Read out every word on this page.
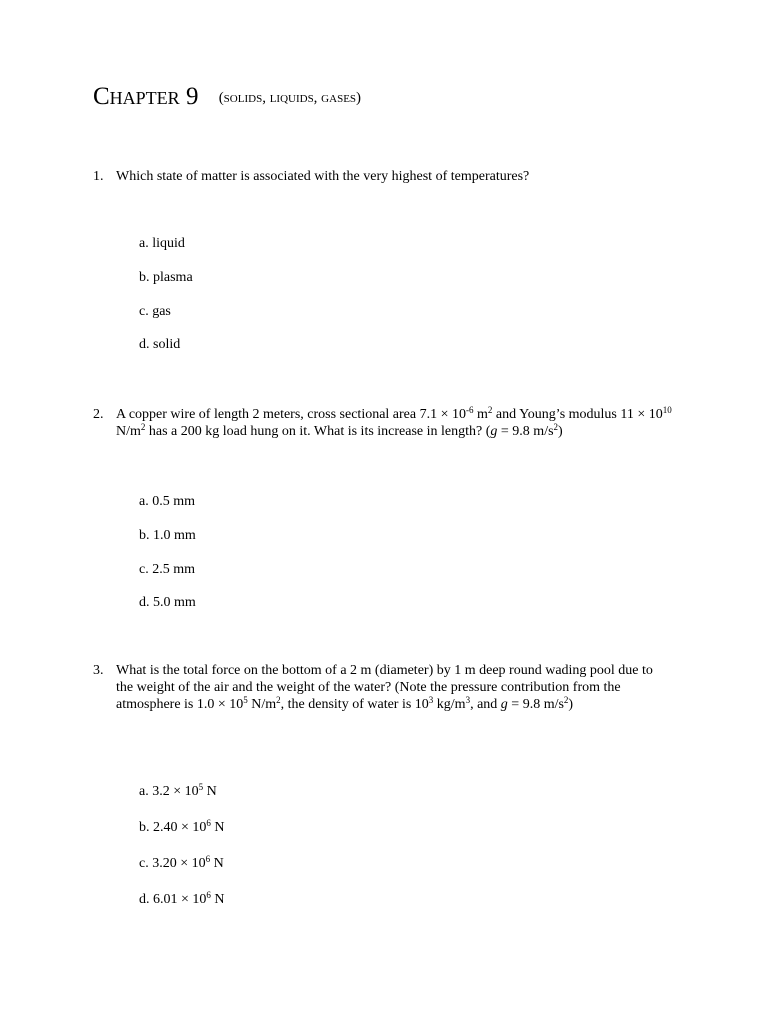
Chapter 9 (solids, liquids, gases)
1. Which state of matter is associated with the very highest of temperatures?
a. liquid
b. plasma
c. gas
d. solid
2. A copper wire of length 2 meters, cross sectional area $7.1 \times 10^{-6}$ $m^2$ and Young’s modulus $11 \times 10^{10}$ $N/m^2$ has a 200 kg load hung on it. What is its increase in length? (g = 9.8 $m/s^2$)
a. 0.5 mm
b. 1.0 mm
c. 2.5 mm
d. 5.0 mm
3. What is the total force on the bottom of a 2 m (diameter) by 1 m deep round wading pool due to the weight of the air and the weight of the water? (Note the pressure contribution from the atmosphere is $1.0 \times 10^5$ $N/m^2$, the density of water is $10^3$ $kg/m^3$, and g = 9.8 $m/s^2$)
a. $3.2 \times 10^5$ N
b. $2.40 \times 10^6$ N
c. $3.20 \times 10^6$ N
d. $6.01 \times 10^6$ N
